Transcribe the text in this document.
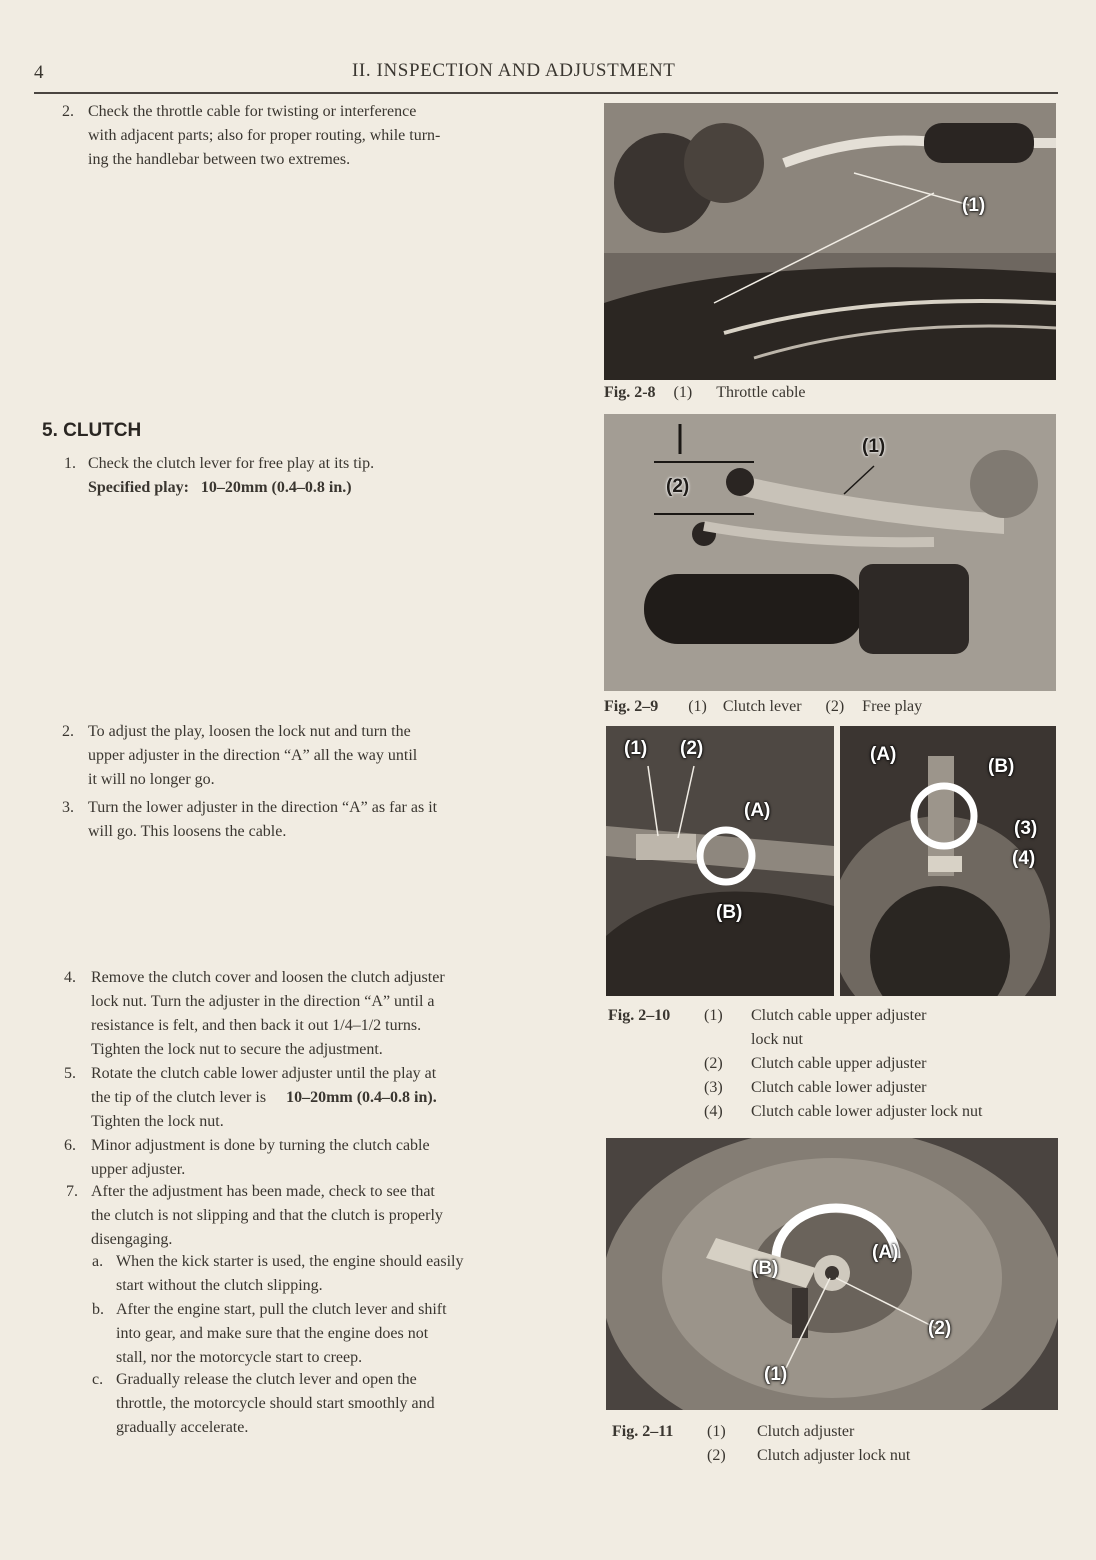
4	II. INSPECTION AND ADJUSTMENT
2. Check the throttle cable for twisting or interference
with adjacent parts; also for proper routing, while turn-
ing the handlebar between two extremes.
5. CLUTCH
1. Check the clutch lever for free play at its tip.
Specified play: 10–20mm (0.4–0.8 in.)
2. To adjust the play, loosen the lock nut and turn the
upper adjuster in the direction “A” all the way until
it will no longer go.
3. Turn the lower adjuster in the direction “A” as far as it
will go. This loosens the cable.
4. Remove the clutch cover and loosen the clutch adjuster
lock nut. Turn the adjuster in the direction “A” until a
resistance is felt, and then back it out 1/4–1/2 turns.
Tighten the lock nut to secure the adjustment.
5. Rotate the clutch cable lower adjuster until the play at
the tip of the clutch lever is 10–20mm (0.4–0.8 in).
Tighten the lock nut.
6. Minor adjustment is done by turning the clutch cable
upper adjuster.
7. After the adjustment has been made, check to see that
the clutch is not slipping and that the clutch is properly
disengaging.
a. When the kick starter is used, the engine should easily
start without the clutch slipping.
b. After the engine start, pull the clutch lever and shift
into gear, and make sure that the engine does not
stall, nor the motorcycle start to creep.
c. Gradually release the clutch lever and open the
throttle, the motorcycle should start smoothly and
gradually accelerate.
(1)
Fig. 2-8 (1) Throttle cable
(1)
(2)
Fig. 2–9 (1) Clutch lever (2) Free play
(1) (2)
(A)
(B)
(A)
(B)
(3)
(4)
Fig. 2–10 (1) Clutch cable upper adjuster
lock nut
(2) Clutch cable upper adjuster
(3) Clutch cable lower adjuster
(4) Clutch cable lower adjuster lock nut
(A)
(B)
(2)
(1)
Fig. 2–11 (1) Clutch adjuster
(2) Clutch adjuster lock nut
